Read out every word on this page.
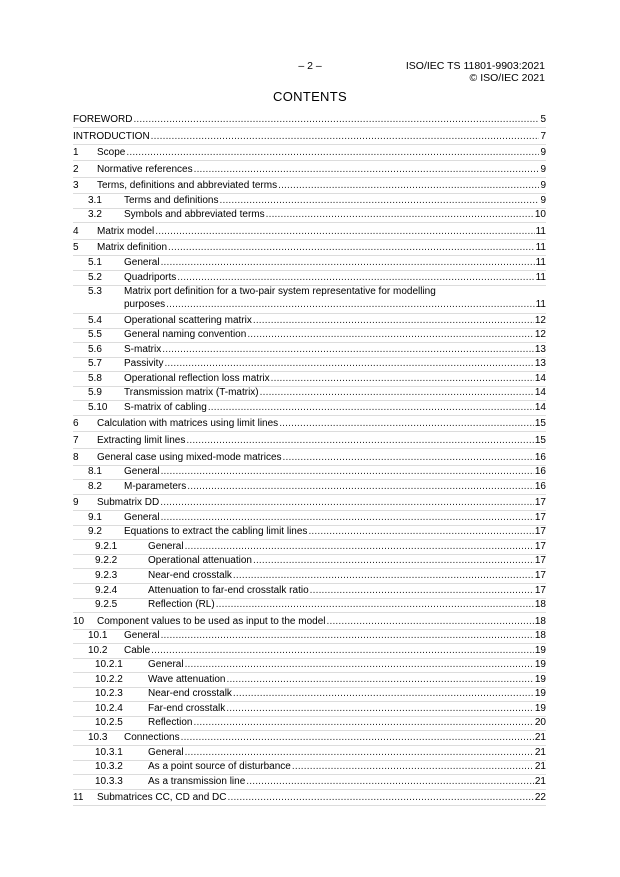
– 2 –	ISO/IEC TS 11801-9903:2021
© ISO/IEC 2021
CONTENTS
FOREWORD .....	5
INTRODUCTION .....	7
1	Scope .....	9
2	Normative references .....	9
3	Terms, definitions and abbreviated terms .....	9
3.1	Terms and definitions .....	9
3.2	Symbols and abbreviated terms .....	10
4	Matrix model .....	11
5	Matrix definition .....	11
5.1	General .....	11
5.2	Quadriports .....	11
5.3	Matrix port definition for a two-pair system representative for modelling
purposes .....	11
5.4	Operational scattering matrix .....	12
5.5	General naming convention .....	12
5.6	S-matrix .....	13
5.7	Passivity .....	13
5.8	Operational reflection loss matrix .....	14
5.9	Transmission matrix (T-matrix) .....	14
5.10	S-matrix of cabling .....	14
6	Calculation with matrices using limit lines .....	15
7	Extracting limit lines .....	15
8	General case using mixed-mode matrices .....	16
8.1	General .....	16
8.2	M-parameters .....	16
9	Submatrix DD .....	17
9.1	General .....	17
9.2	Equations to extract the cabling limit lines .....	17
9.2.1	General .....	17
9.2.2	Operational attenuation .....	17
9.2.3	Near-end crosstalk .....	17
9.2.4	Attenuation to far-end crosstalk ratio .....	17
9.2.5	Reflection (RL) .....	18
10	Component values to be used as input to the model .....	18
10.1	General .....	18
10.2	Cable .....	19
10.2.1	General .....	19
10.2.2	Wave attenuation .....	19
10.2.3	Near-end crosstalk .....	19
10.2.4	Far-end crosstalk .....	19
10.2.5	Reflection .....	20
10.3	Connections .....	21
10.3.1	General .....	21
10.3.2	As a point source of disturbance .....	21
10.3.3	As a transmission line .....	21
11	Submatrices CC, CD and DC .....	22
